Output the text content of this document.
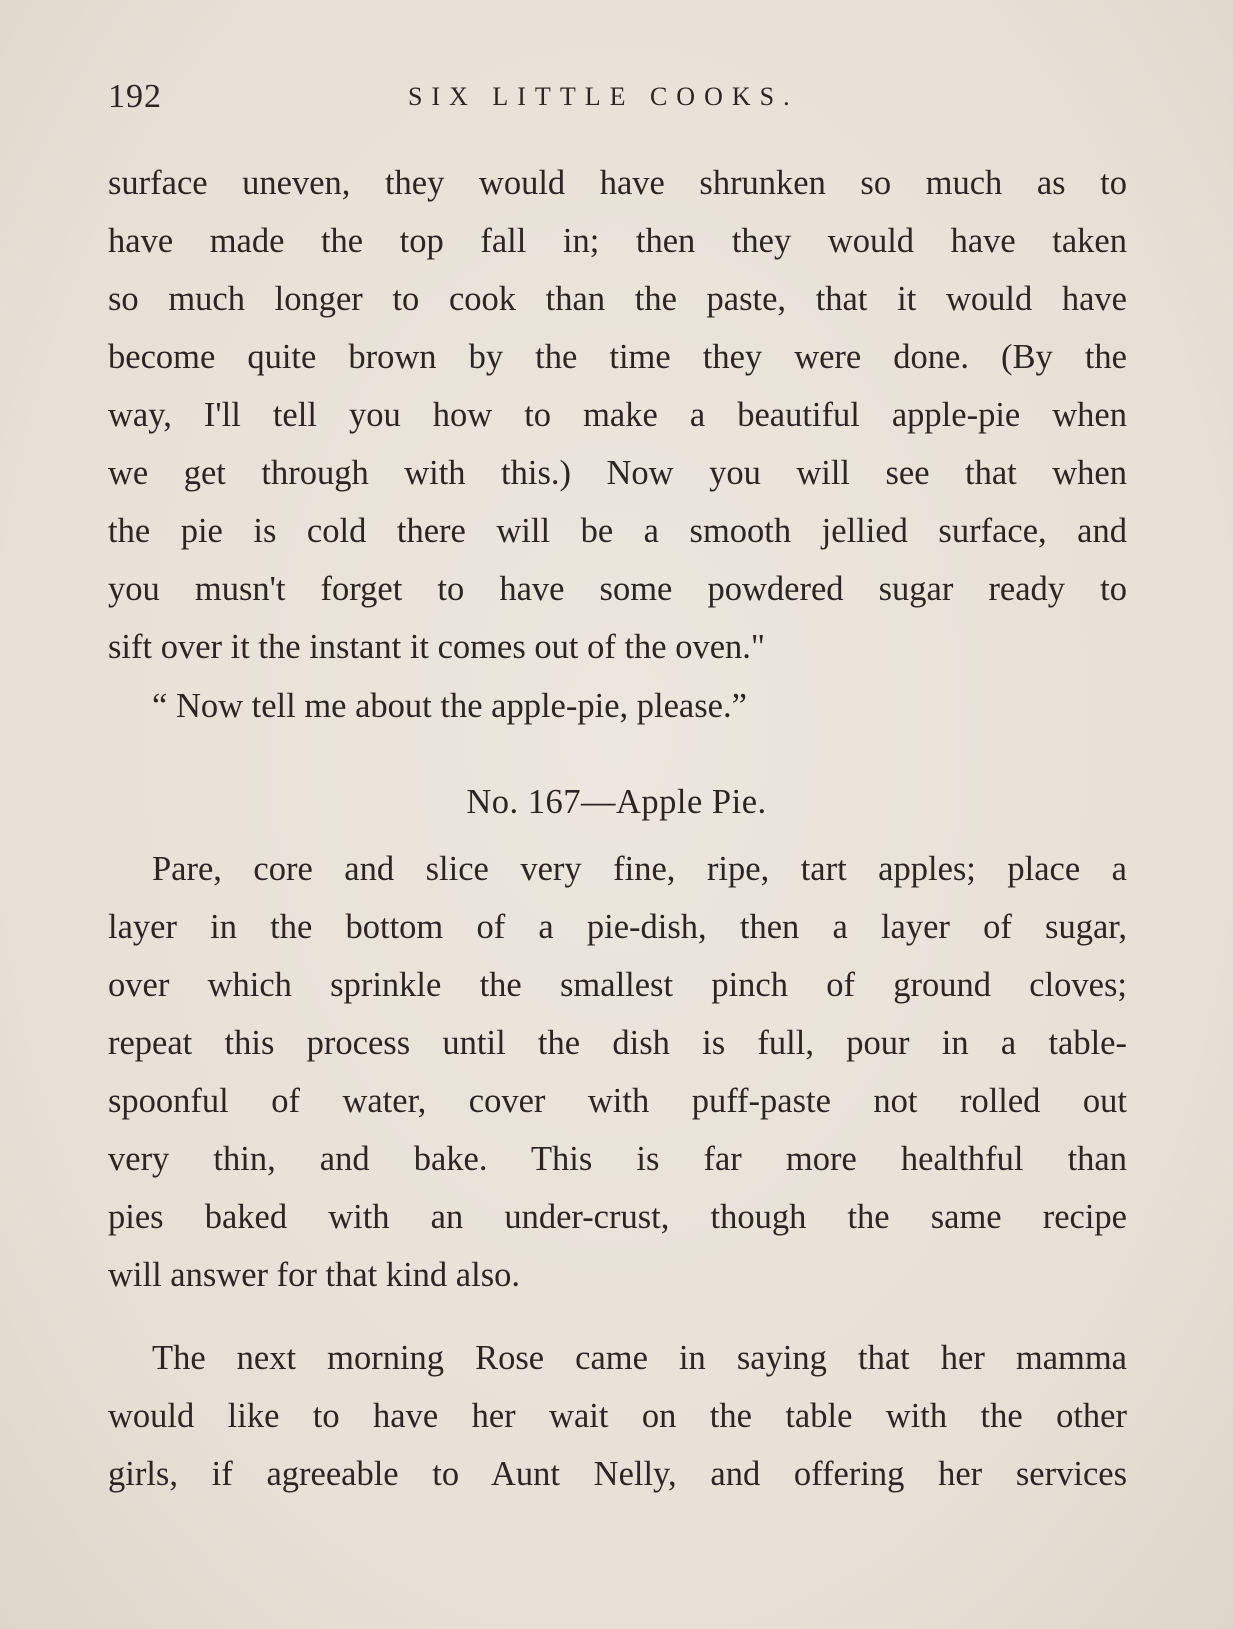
192	SIX LITTLE COOKS.
surface uneven, they would have shrunken so much as to
have made the top fall in; then they would have taken
so much longer to cook than the paste, that it would have
become quite brown by the time they were done. (By the
way, I'll tell you how to make a beautiful apple-pie when
we get through with this.) Now you will see that when
the pie is cold there will be a smooth jellied surface, and
you musn't forget to have some powdered sugar ready to
sift over it the instant it comes out of the oven."
“ Now tell me about the apple-pie, please.”
No. 167—Apple Pie.
Pare, core and slice very fine, ripe, tart apples; place a
layer in the bottom of a pie-dish, then a layer of sugar,
over which sprinkle the smallest pinch of ground cloves;
repeat this process until the dish is full, pour in a table-
spoonful of water, cover with puff-paste not rolled out
very thin, and bake. This is far more healthful than
pies baked with an under-crust, though the same recipe
will answer for that kind also.
The next morning Rose came in saying that her mamma
would like to have her wait on the table with the other
girls, if agreeable to Aunt Nelly, and offering her services
